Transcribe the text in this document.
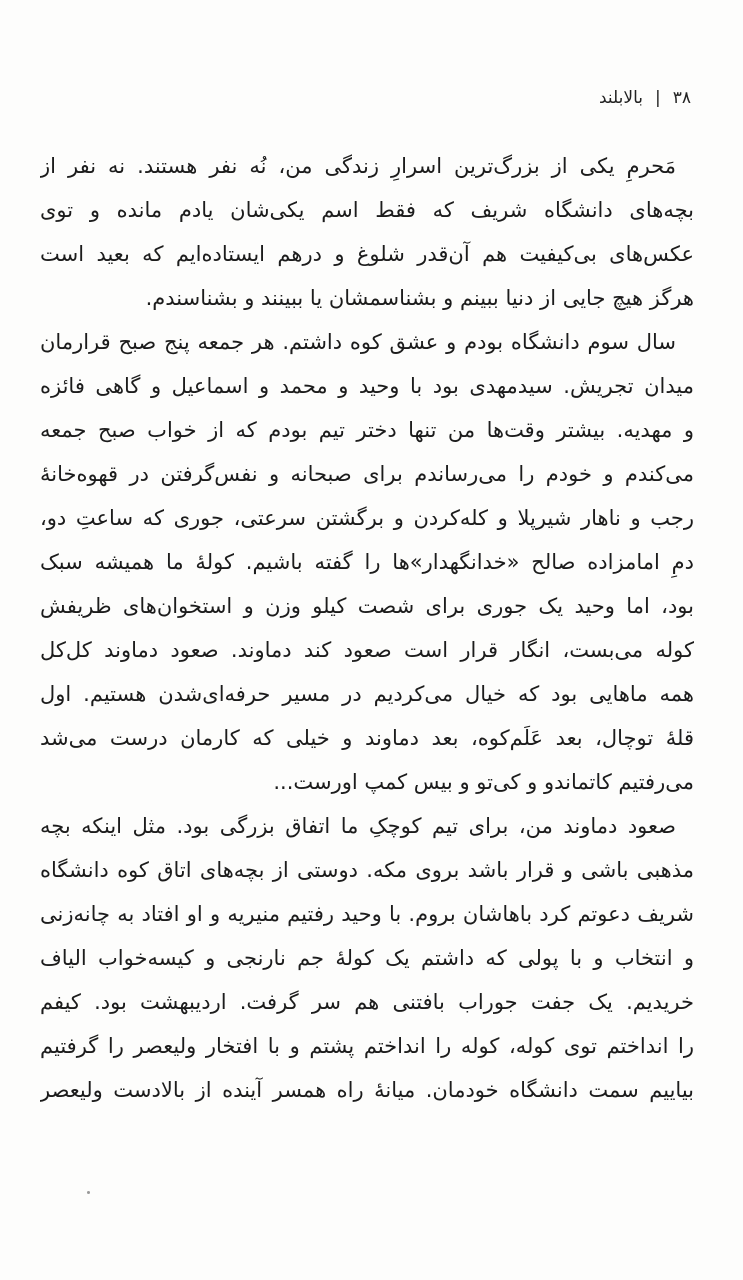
۳۸
|
بالابلند
مَحرمِ یکی از بزرگ‌ترین اسرارِ زندگی من، نُه نفر هستند. نه نفر از
بچه‌های دانشگاه شریف که فقط اسم یکی‌شان یادم مانده و توی
عکس‌های بی‌کیفیت هم آن‌قدر شلوغ و درهم ایستاده‌ایم که بعید است
هرگز هیچ جایی از دنیا ببینم و بشناسمشان یا ببینند و بشناسندم.
سال سوم دانشگاه بودم و عشق کوه داشتم. هر جمعه پنج صبح قرارمان
میدان تجریش. سیدمهدی بود با وحید و محمد و اسماعیل و گاهی فائزه
و مهدیه. بیشتر وقت‌ها من تنها دختر تیم بودم که از خواب صبح جمعه
می‌کندم و خودم را می‌رساندم برای صبحانه و نفس‌گرفتن در قهوه‌خانهٔ
رجب و ناهار شیرپلا و کله‌کردن و برگشتن سرعتی، جوری که ساعتِ دو،
دمِ امامزاده صالح «خدانگهدار»ها را گفته باشیم. کولهٔ ما همیشه سبک
بود، اما وحید یک جوری برای شصت کیلو وزن و استخوان‌های ظریفش
کوله می‌بست، انگار قرار است صعود کند دماوند. صعود دماوند کل‌کل
همه ماهایی بود که خیال می‌کردیم در مسیر حرفه‌ای‌شدن هستیم. اول
قلهٔ توچال، بعد عَلَم‌کوه، بعد دماوند و خیلی که کارمان درست می‌شد
می‌رفتیم کاتماندو و کی‌تو و بیس کمپ اورست...
صعود دماوند من، برای تیم کوچکِ ما اتفاق بزرگی بود. مثل اینکه بچه
مذهبی باشی و قرار باشد بروی مکه. دوستی از بچه‌های اتاق کوه دانشگاه
شریف دعوتم کرد باهاشان بروم. با وحید رفتیم منیریه و او افتاد به چانه‌زنی
و انتخاب و با پولی که داشتم یک کولهٔ جم نارنجی و کیسه‌خواب الیاف
خریدیم. یک جفت جوراب بافتنی هم سر گرفت. اردیبهشت بود. کیفم
را انداختم توی کوله، کوله را انداختم پشتم و با افتخار ولیعصر را گرفتیم
بیاییم سمت دانشگاه خودمان. میانهٔ راه همسر آینده از بالادست ولیعصر
